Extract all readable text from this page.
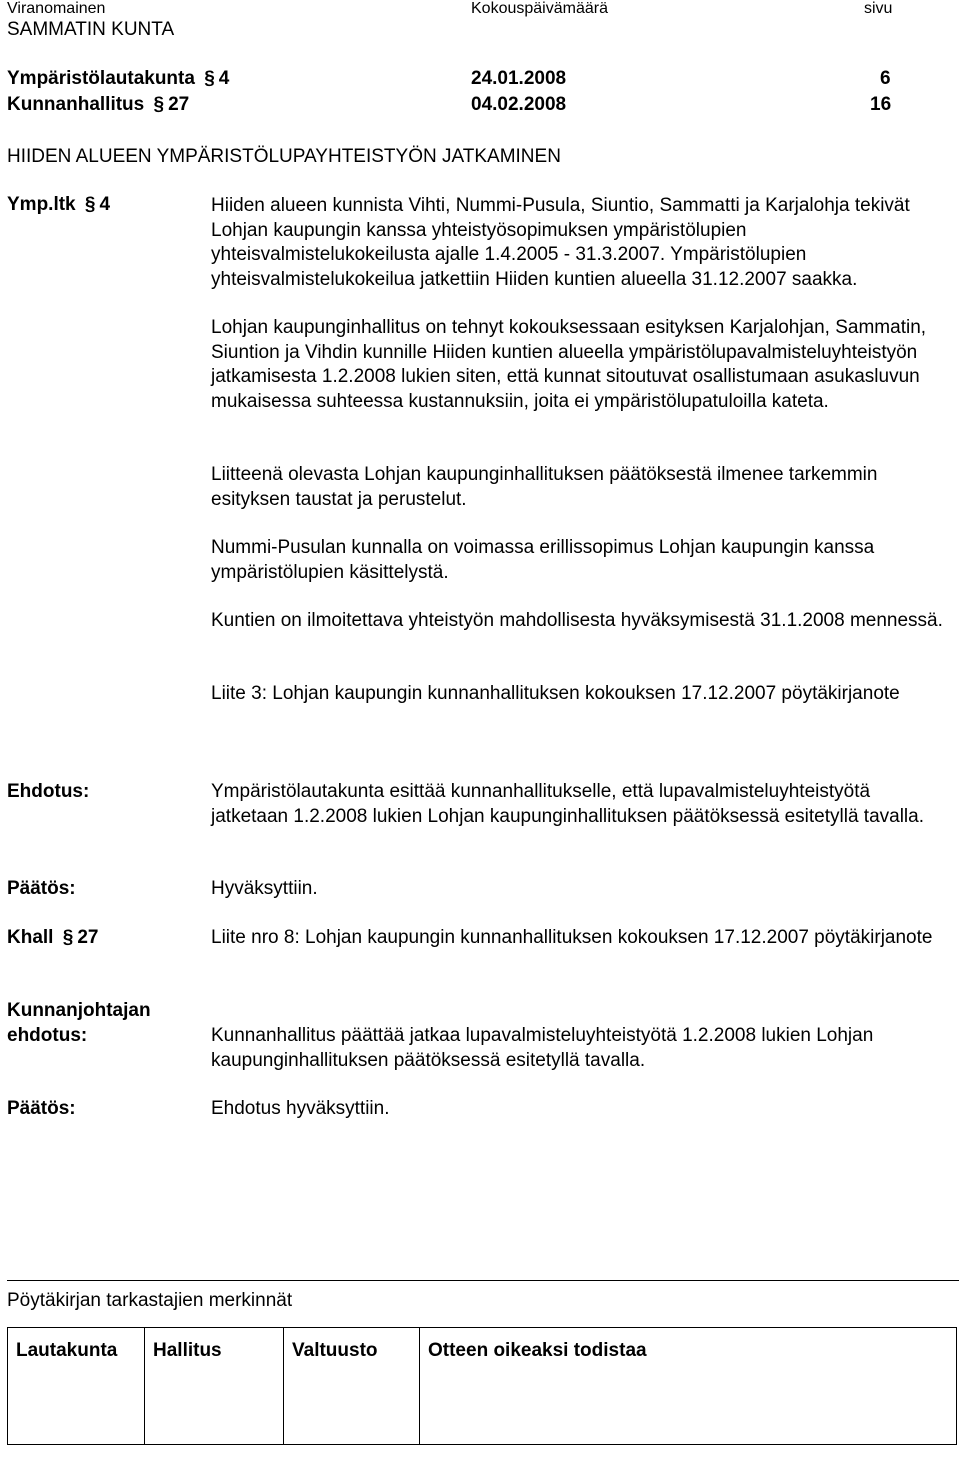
Viranomainen	Kokouspäivämäärä	sivu
SAMMATIN KUNTA
Ympäristölautakunta § 4	24.01.2008	6
Kunnanhallitus § 27	04.02.2008	16
HIIDEN ALUEEN YMPÄRISTÖLUPAYHTEISTYÖN JATKAMINEN
Ymp.ltk § 4	Hiiden alueen kunnista Vihti, Nummi-Pusula, Siuntio, Sammatti ja Karjalohja tekivät Lohjan kaupungin kanssa yhteistyösopimuksen ympäristölupien yhteisvalmistelukokeilusta ajalle 1.4.2005 - 31.3.2007. Ympäristölupien yhteisvalmistelukokeilua jatkettiin Hiiden kuntien alueella 31.12.2007 saakka.
Lohjan kaupunginhallitus on tehnyt kokouksessaan esityksen Karjalohjan, Sammatin, Siuntion ja Vihdin kunnille Hiiden kuntien alueella ympäristölupavalmisteluyhteistyön jatkamisesta 1.2.2008 lukien siten, että kunnat sitoutuvat osallistumaan asukasluvun mukaisessa suhteessa kustannuksiin, joita ei ympäristölupatuloilla kateta.
Liitteenä olevasta Lohjan kaupunginhallituksen päätöksestä ilmenee tarkemmin esityksen taustat ja perustelut.
Nummi-Pusulan kunnalla on voimassa erillissopimus Lohjan kaupungin kanssa ympäristölupien käsittelystä.
Kuntien on ilmoitettava yhteistyön mahdollisesta hyväksymisestä 31.1.2008 mennessä.
Liite 3: Lohjan kaupungin kunnanhallituksen kokouksen 17.12.2007 pöytäkirjanote
Ehdotus:	Ympäristölautakunta esittää kunnanhallitukselle, että lupavalmisteluyhteistyötä jatketaan 1.2.2008 lukien Lohjan kaupunginhallituksen päätöksessä esitetyllä tavalla.
Päätös:	Hyväksyttiin.
Khall § 27	Liite nro 8: Lohjan kaupungin kunnanhallituksen kokouksen 17.12.2007 pöytäkirjanote
Kunnanjohtajan
ehdotus:	Kunnanhallitus päättää jatkaa lupavalmisteluyhteistyötä 1.2.2008 lukien Lohjan kaupunginhallituksen päätöksessä esitetyllä tavalla.
Päätös:	Ehdotus hyväksyttiin.
Pöytäkirjan tarkastajien merkinnät
Lautakunta	Hallitus	Valtuusto	Otteen oikeaksi todistaa
